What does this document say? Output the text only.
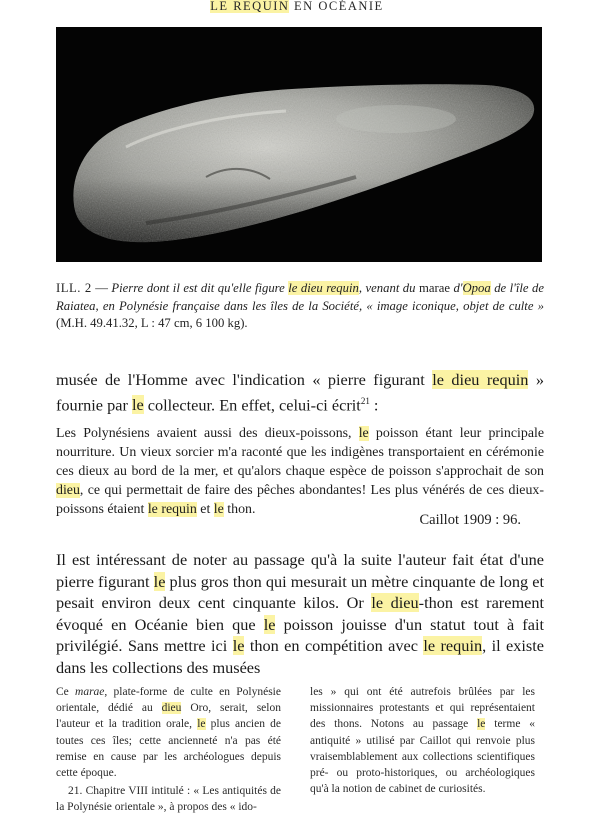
LE REQUIN EN OCÉANIE
ILL. 2 — Pierre dont il est dit qu'elle figure le dieu requin, venant du marae d'Opoa de l'île de Raiatea, en Polynésie française dans les îles de la Société, « image iconique, objet de culte » (M.H. 49.41.32, L : 47 cm, 6 100 kg).
musée de l'Homme avec l'indication « pierre figurant le dieu requin » fournie par le collecteur. En effet, celui-ci écrit$^{21}$ :
Les Polynésiens avaient aussi des dieux-poissons, le poisson étant leur principale nourriture. Un vieux sorcier m'a raconté que les indigènes transportaient en cérémonie ces dieux au bord de la mer, et qu'alors chaque espèce de poisson s'approchait de son dieu, ce qui permettait de faire des pêches abondantes! Les plus vénérés de ces dieux-poissons étaient le requin et le thon.
Caillot 1909 : 96.
Il est intéressant de noter au passage qu'à la suite l'auteur fait état d'une pierre figurant le plus gros thon qui mesurait un mètre cinquante de long et pesait environ deux cent cinquante kilos. Or le dieu-thon est rarement évoqué en Océanie bien que le poisson jouisse d'un statut tout à fait privilégié. Sans mettre ici le thon en compétition avec le requin, il existe dans les collections des musées

Ce marae, plate-forme de culte en Polynésie orientale, dédié au dieu Oro, serait, selon l'auteur et la tradition orale, le plus ancien de toutes ces îles; cette ancienneté n'a pas été remise en cause par les archéologues depuis cette époque.

21. Chapitre VIII intitulé : « Les antiquités de la Polynésie orientale », à propos des « ido-

les » qui ont été autrefois brûlées par les missionnaires protestants et qui représentaient des thons. Notons au passage le terme « antiquité » utilisé par Caillot qui renvoie plus vraisemblablement aux collections scientifiques pré- ou proto-historiques, ou archéologiques qu'à la notion de cabinet de curiosités.
